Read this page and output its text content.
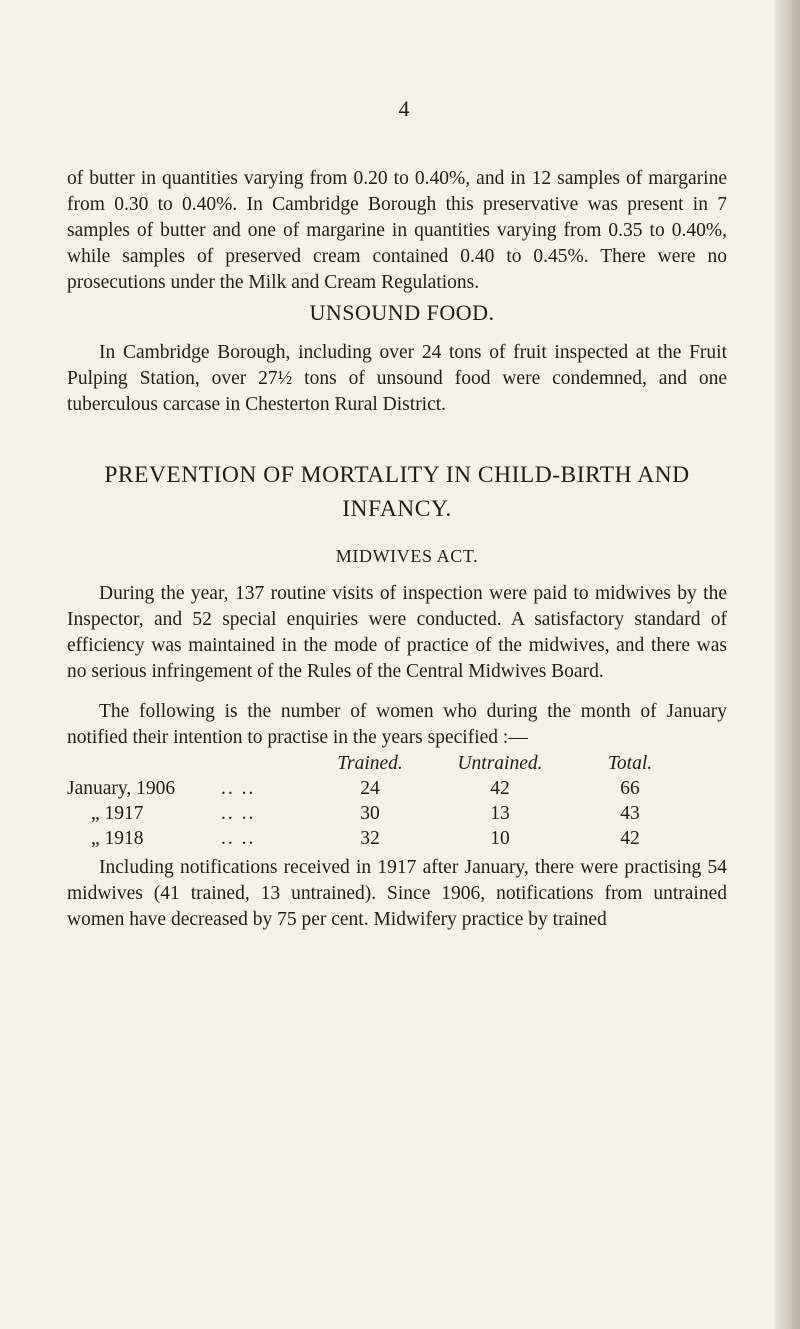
4

of butter in quantities varying from 0.20 to 0.40%, and in 12 samples of margarine from 0.30 to 0.40%. In Cambridge Borough this preservative was present in 7 samples of butter and one of margarine in quantities varying from 0.35 to 0.40%, while samples of preserved cream contained 0.40 to 0.45%. There were no prosecutions under the Milk and Cream Regulations.

UNSOUND FOOD.

In Cambridge Borough, including over 24 tons of fruit inspected at the Fruit Pulping Station, over 27½ tons of unsound food were condemned, and one tuberculous carcase in Chesterton Rural District.

PREVENTION OF MORTALITY IN CHILD-BIRTH AND INFANCY.
MIDWIVES ACT.

During the year, 137 routine visits of inspection were paid to midwives by the Inspector, and 52 special enquiries were conducted. A satisfactory standard of efficiency was maintained in the mode of practice of the midwives, and there was no serious infringement of the Rules of the Central Midwives Board.

The following is the number of women who during the month of January notified their intention to practise in the years specified :—

		Trained.	Untrained.	Total.
January, 1906	.. ..	24	42	66
„ 1917	.. ..	30	13	43
„ 1918	.. ..	32	10	42

Including notifications received in 1917 after January, there were practising 54 midwives (41 trained, 13 untrained). Since 1906, notifications from untrained women have decreased by 75 per cent. Midwifery practice by trained
